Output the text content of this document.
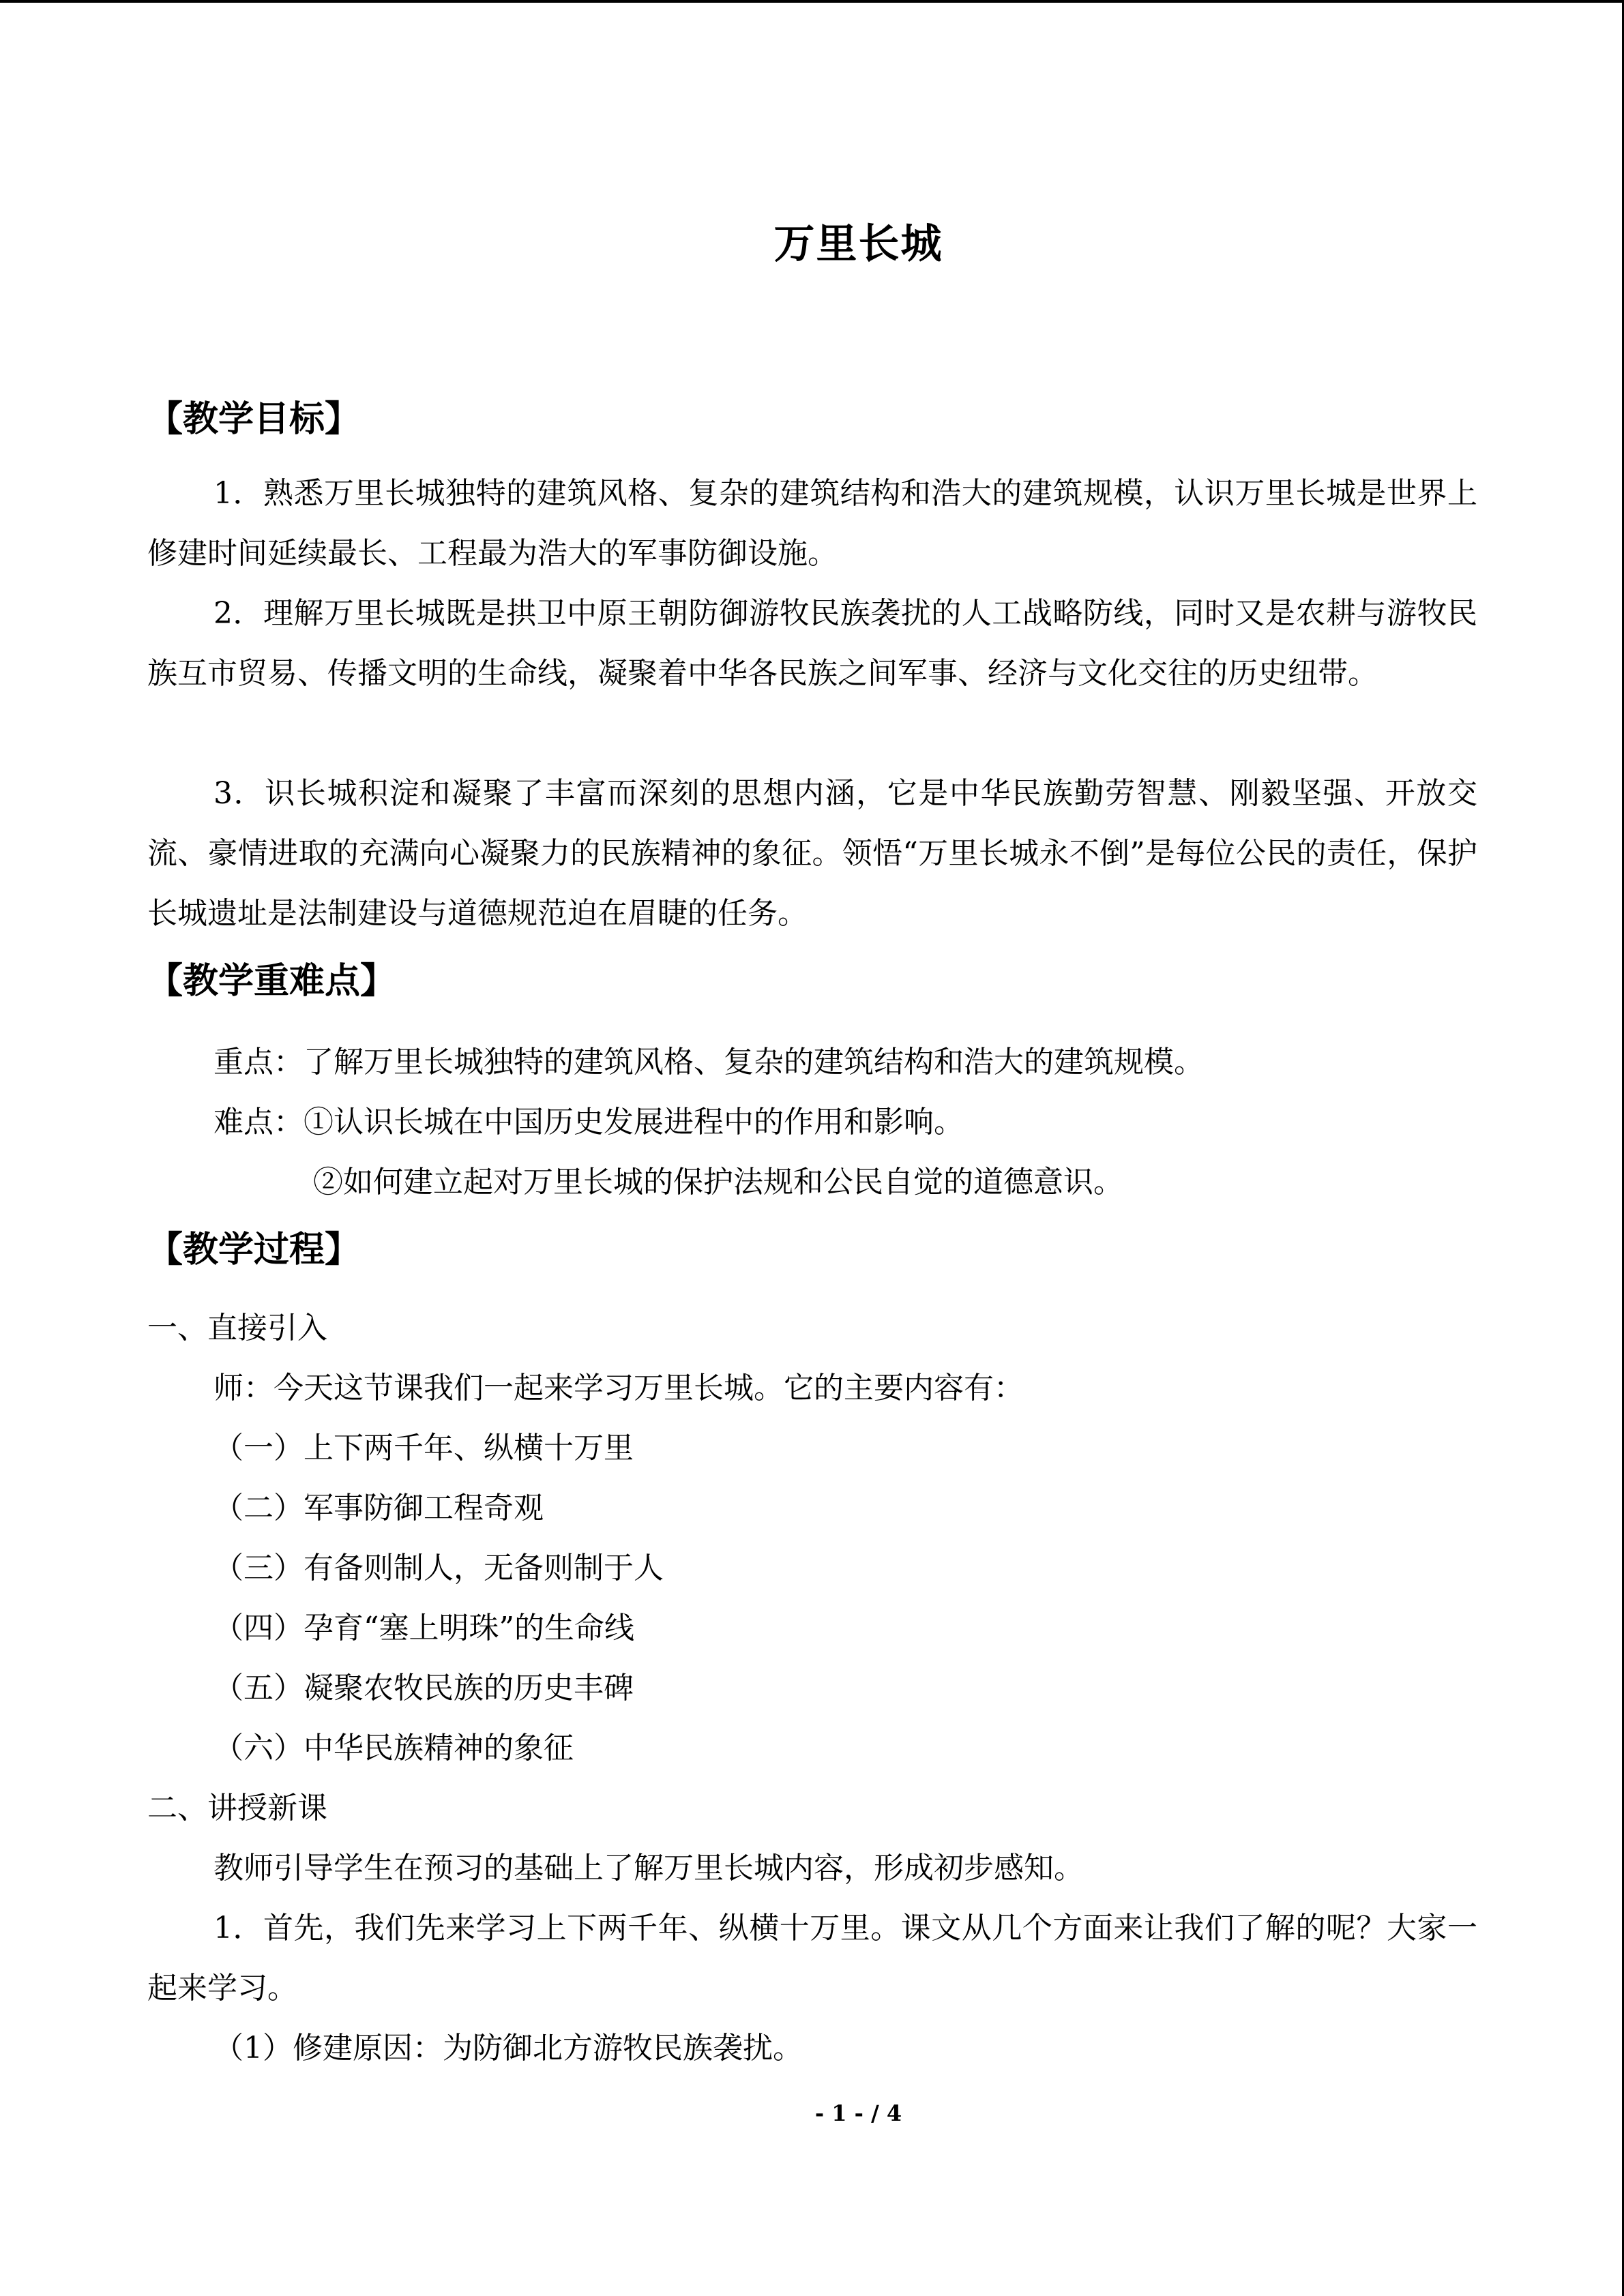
万里长城
【教学目标】
1．熟悉万里长城独特的建筑风格、复杂的建筑结构和浩大的建筑规模，认识万里长城是世界上修建时间延续最长、工程最为浩大的军事防御设施。
2．理解万里长城既是拱卫中原王朝防御游牧民族袭扰的人工战略防线，同时又是农耕与游牧民族互市贸易、传播文明的生命线，凝聚着中华各民族之间军事、经济与文化交往的历史纽带。
3．识长城积淀和凝聚了丰富而深刻的思想内涵，它是中华民族勤劳智慧、刚毅坚强、开放交流、豪情进取的充满向心凝聚力的民族精神的象征。领悟“万里长城永不倒”是每位公民的责任，保护长城遗址是法制建设与道德规范迫在眉睫的任务。
【教学重难点】
重点：了解万里长城独特的建筑风格、复杂的建筑结构和浩大的建筑规模。
难点：①认识长城在中国历史发展进程中的作用和影响。
②如何建立起对万里长城的保护法规和公民自觉的道德意识。
【教学过程】
一、直接引入
师：今天这节课我们一起来学习万里长城。它的主要内容有：
（一）上下两千年、纵横十万里
（二）军事防御工程奇观
（三）有备则制人，无备则制于人
（四）孕育“塞上明珠”的生命线
（五）凝聚农牧民族的历史丰碑
（六）中华民族精神的象征
二、讲授新课
教师引导学生在预习的基础上了解万里长城内容，形成初步感知。
1．首先，我们先来学习上下两千年、纵横十万里。课文从几个方面来让我们了解的呢？大家一起来学习。
（1）修建原因：为防御北方游牧民族袭扰。
- 1 - / 4
